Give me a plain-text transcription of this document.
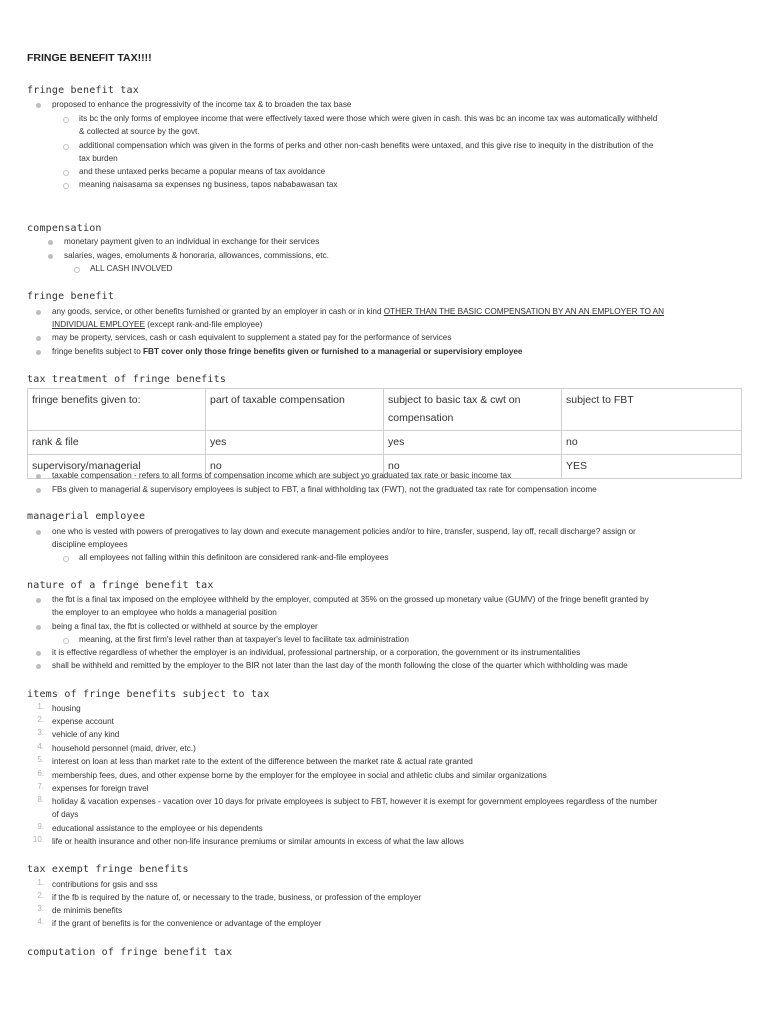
FRINGE BENEFIT TAX!!!!
fringe benefit tax
proposed to enhance the progressivity of the income tax & to broaden the tax base
its bc the only forms of employee income that were effectively taxed were those which were given in cash. this was bc an income tax was automatically withheld
& collected at source by the govt.
additional compensation which was given in the forms of perks and other non-cash benefits were untaxed, and this give rise to inequity in the distribution of the
tax burden
and these untaxed perks became a popular means of tax avoidance
meaning naisasama sa expenses ng business, tapos nababawasan tax
compensation
monetary payment given to an individual in exchange for their services
salaries, wages, emoluments & honoraria, allowances, commissions, etc.
ALL CASH INVOLVED
fringe benefit
any goods, service, or other benefits furnished or granted by an employer in cash or in kind OTHER THAN THE BASIC COMPENSATION BY AN AN EMPLOYER TO AN
INDIVIDUAL EMPLOYEE (except rank-and-file employee)
may be property, services, cash or cash equivalent to supplement a stated pay for the performance of services
fringe benefits subject to FBT cover only those fringe benefits given or furnished to a managerial or supervisiory employee
tax treatment of fringe benefits
fringe benefits given to:	part of taxable compensation	subject to basic tax & cwt on compensation	subject to FBT
rank & file	yes	yes	no
supervisory/managerial	no	no	YES
taxable compensation - refers to all forms of compensation income which are subject yo graduated tax rate or basic income tax
FBs given to managerial & supervisory employees is subject to FBT, a final withholding tax (FWT), not the graduated tax rate for compensation income
managerial employee
one who is vested with powers of prerogatives to lay down and execute management policies and/or to hire, transfer, suspend, lay off, recall discharge? assign or
discipline employees
all employees not falling within this definitoon are considered rank-and-file employees
nature of a fringe benefit tax
the fbt is a final tax imposed on the employee withheld by the employer, computed at 35% on the grossed up monetary value (GUMV) of the fringe benefit granted by
the employer to an employee who holds a managerial position
being a final tax, the fbt is collected or withheld at source by the employer
meaning, at the first firm's level rather than at taxpayer's level to facilitate tax administration
it is effective regardless of whether the employer is an individual, professional partnership, or a corporation, the government or its instrumentalities
shall be withheld and remitted by the employer to the BIR not later than the last day of the month following the close of the quarter which withholding was made
items of fringe benefits subject to tax
1. housing
2. expense account
3. vehicle of any kind
4. household personnel (maid, driver, etc.)
5. interest on loan at less than market rate to the extent of the difference between the market rate & actual rate granted
6. membership fees, dues, and other expense borne by the employer for the employee in social and athletic clubs and similar organizations
7. expenses for foreign travel
8. holiday & vacation expenses - vacation over 10 days for private employees is subject to FBT, however it is exempt for government employees regardless of the number
of days
9. educational assistance to the employee or his dependents
10. life or health insurance and other non-life insurance premiums or similar amounts in excess of what the law allows
tax exempt fringe benefits
1. contributions for gsis and sss
2. if the fb is required by the nature of, or necessary to the trade, business, or profession of the employer
3. de minimis benefits
4. if the grant of benefits is for the convenience or advantage of the employer
computation of fringe benefit tax
